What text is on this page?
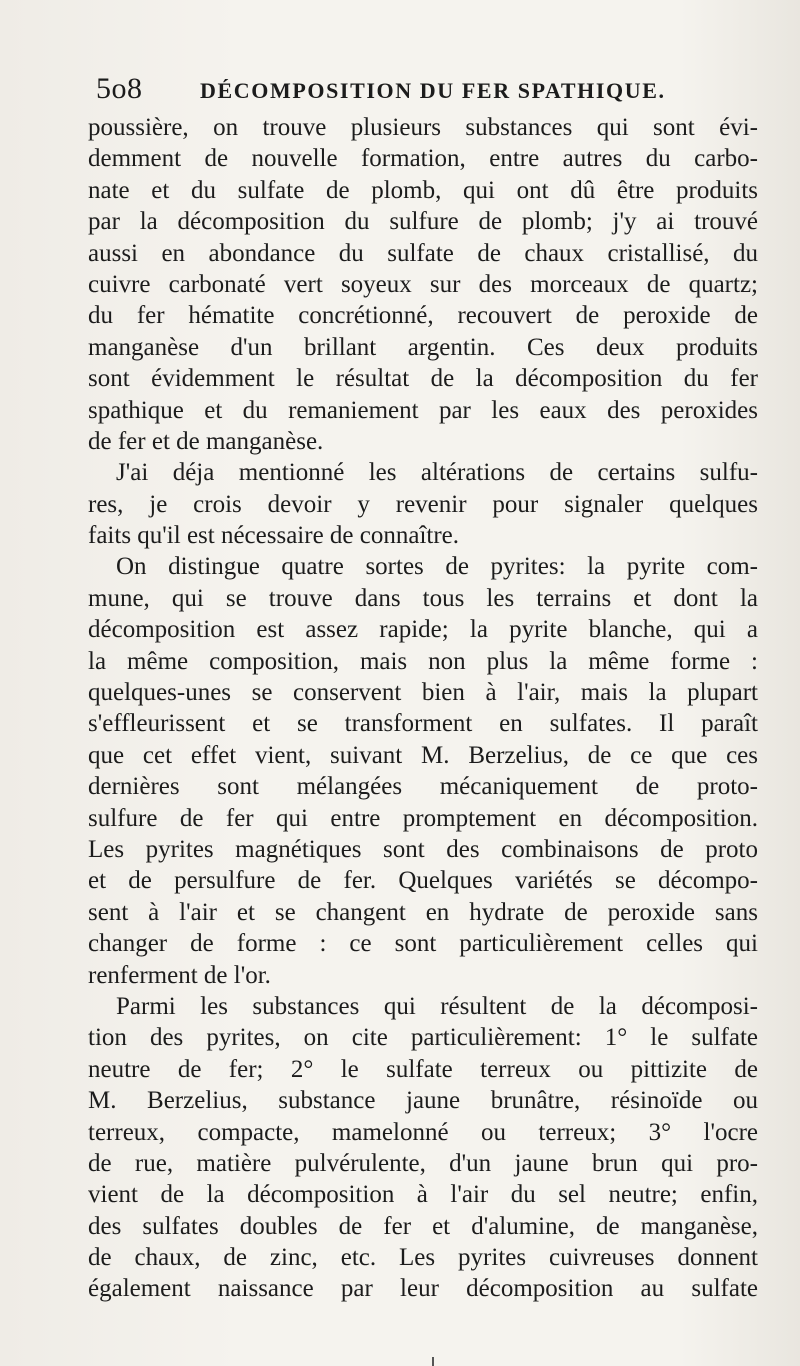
5o8	DÉCOMPOSITION DU FER SPATHIQUE.
poussière, on trouve plusieurs substances qui sont évi-
demment de nouvelle formation, entre autres du carbo-
nate et du sulfate de plomb, qui ont dû être produits
par la décomposition du sulfure de plomb; j'y ai trouvé
aussi en abondance du sulfate de chaux cristallisé, du
cuivre carbonaté vert soyeux sur des morceaux de quartz;
du fer hématite concrétionné, recouvert de peroxide de
manganèse d'un brillant argentin. Ces deux produits
sont évidemment le résultat de la décomposition du fer
spathique et du remaniement par les eaux des peroxides
de fer et de manganèse.
J'ai déja mentionné les altérations de certains sulfu-
res, je crois devoir y revenir pour signaler quelques
faits qu'il est nécessaire de connaître.
On distingue quatre sortes de pyrites: la pyrite com-
mune, qui se trouve dans tous les terrains et dont la
décomposition est assez rapide; la pyrite blanche, qui a
la même composition, mais non plus la même forme :
quelques-unes se conservent bien à l'air, mais la plupart
s'effleurissent et se transforment en sulfates. Il paraît
que cet effet vient, suivant M. Berzelius, de ce que ces
dernières sont mélangées mécaniquement de proto-
sulfure de fer qui entre promptement en décomposition.
Les pyrites magnétiques sont des combinaisons de proto
et de persulfure de fer. Quelques variétés se décompo-
sent à l'air et se changent en hydrate de peroxide sans
changer de forme : ce sont particulièrement celles qui
renferment de l'or.
Parmi les substances qui résultent de la décomposi-
tion des pyrites, on cite particulièrement: 1° le sulfate
neutre de fer; 2° le sulfate terreux ou pittizite de
M. Berzelius, substance jaune brunâtre, résinoïde ou
terreux, compacte, mamelonné ou terreux; 3° l'ocre
de rue, matière pulvérulente, d'un jaune brun qui pro-
vient de la décomposition à l'air du sel neutre; enfin,
des sulfates doubles de fer et d'alumine, de manganèse,
de chaux, de zinc, etc. Les pyrites cuivreuses donnent
également naissance par leur décomposition au sulfate
